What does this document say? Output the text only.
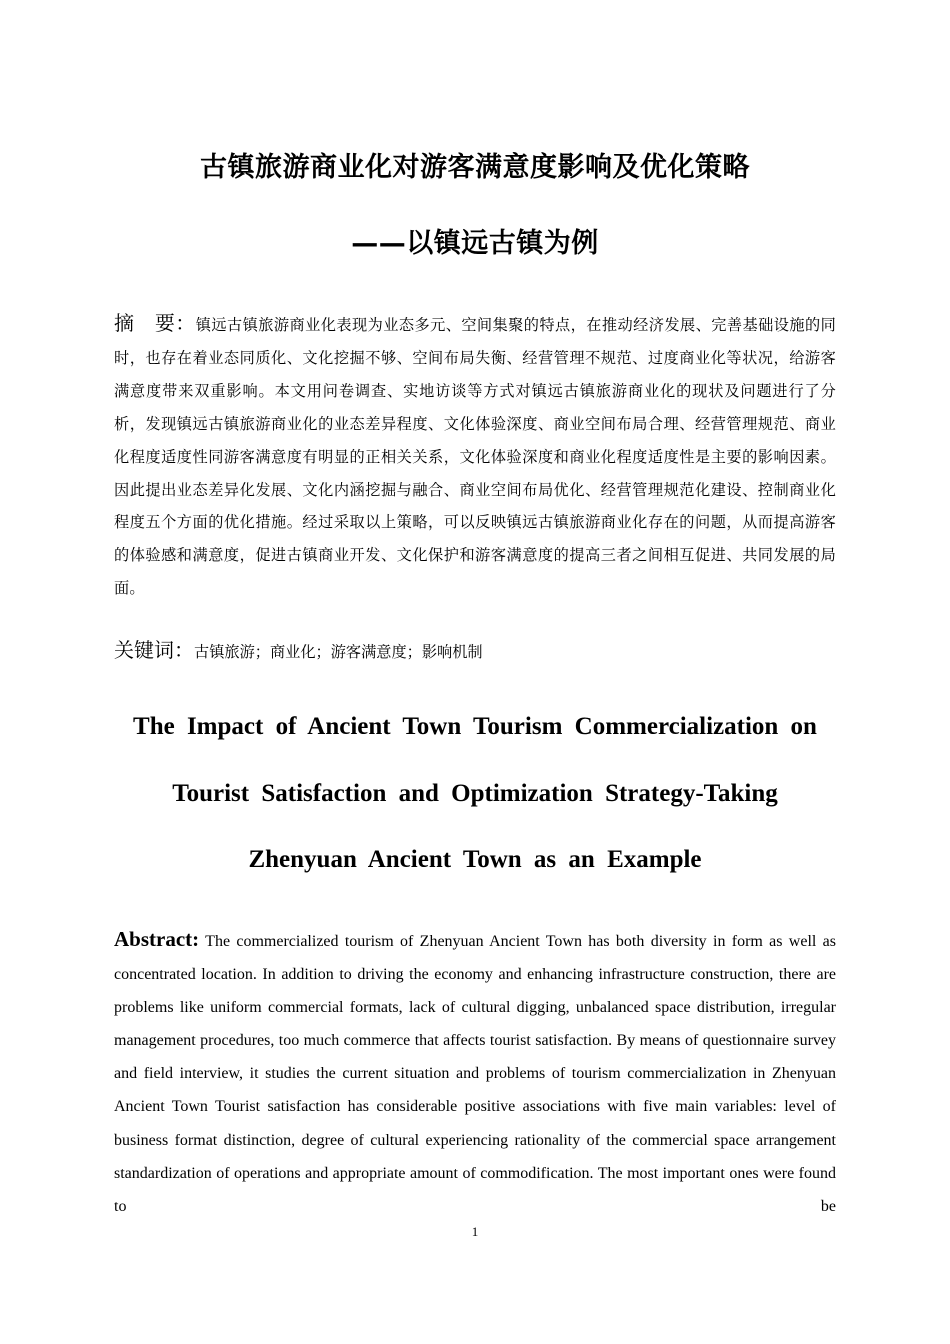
古镇旅游商业化对游客满意度影响及优化策略
——以镇远古镇为例
摘　要：镇远古镇旅游商业化表现为业态多元、空间集聚的特点，在推动经济发展、完善基础设施的同时，也存在着业态同质化、文化挖掘不够、空间布局失衡、经营管理不规范、过度商业化等状况，给游客满意度带来双重影响。本文用问卷调查、实地访谈等方式对镇远古镇旅游商业化的现状及问题进行了分析，发现镇远古镇旅游商业化的业态差异程度、文化体验深度、商业空间布局合理、经营管理规范、商业化程度适度性同游客满意度有明显的正相关关系，文化体验深度和商业化程度适度性是主要的影响因素。因此提出业态差异化发展、文化内涵挖掘与融合、商业空间布局优化、经营管理规范化建设、控制商业化程度五个方面的优化措施。经过采取以上策略，可以反映镇远古镇旅游商业化存在的问题，从而提高游客的体验感和满意度，促进古镇商业开发、文化保护和游客满意度的提高三者之间相互促进、共同发展的局面。
关键词：古镇旅游；商业化；游客满意度；影响机制
The Impact of Ancient Town Tourism Commercialization on
Tourist Satisfaction and Optimization Strategy-Taking
Zhenyuan Ancient Town as an Example
Abstract: The commercialized tourism of Zhenyuan Ancient Town has both diversity in form as well as concentrated location. In addition to driving the economy and enhancing infrastructure construction, there are problems like uniform commercial formats, lack of cultural digging, unbalanced space distribution, irregular management procedures, too much commerce that affects tourist satisfaction. By means of questionnaire survey and field interview, it studies the current situation and problems of tourism commercialization in Zhenyuan Ancient Town Tourist satisfaction has considerable positive associations with five main variables: level of business format distinction, degree of cultural experiencing rationality of the commercial space arrangement standardization of operations and appropriate amount of commodification. The most important ones were found to be
1
